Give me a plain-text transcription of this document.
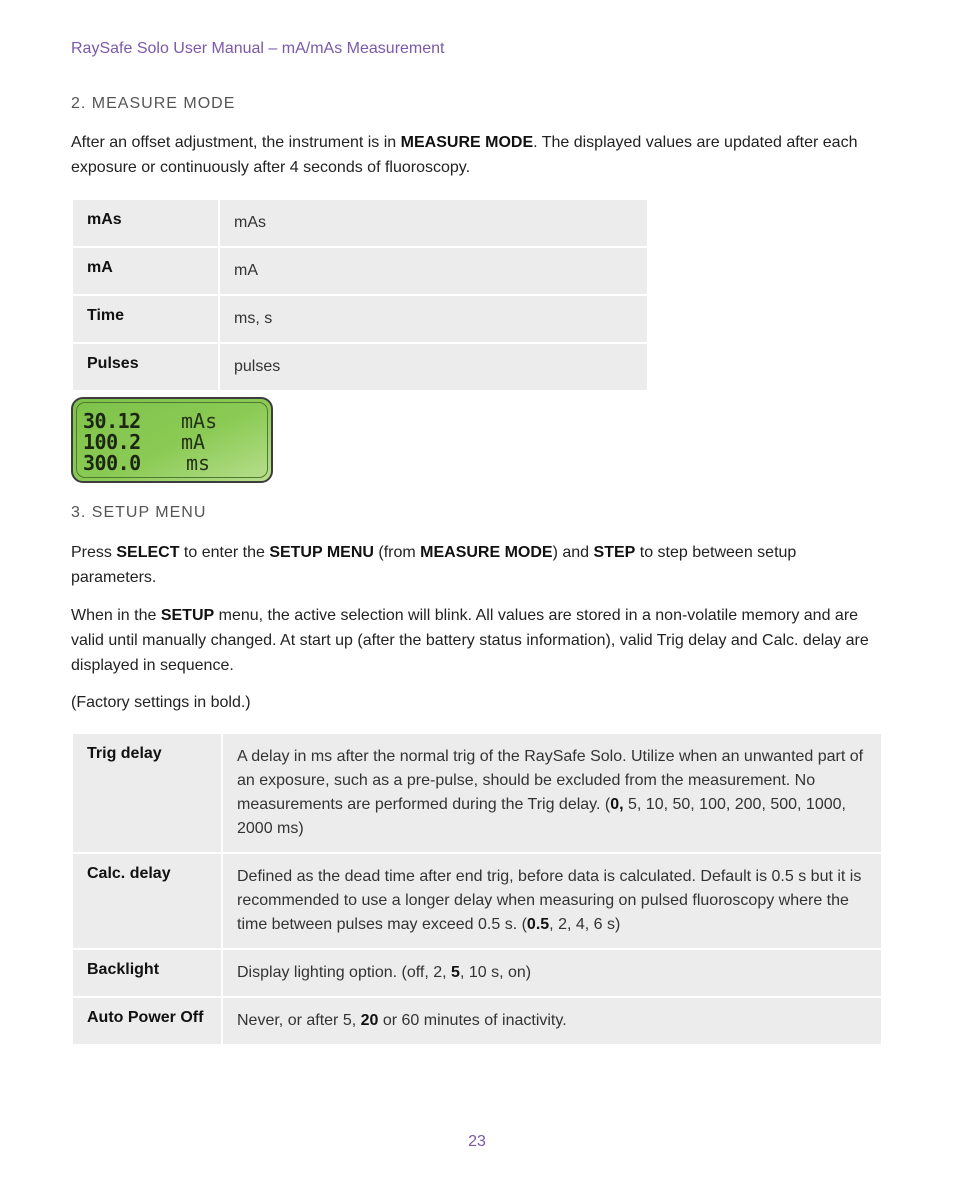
RaySafe Solo User Manual – mA/mAs Measurement
2. MEASURE MODE
After an offset adjustment, the instrument is in MEASURE MODE. The displayed values are updated after each exposure or continuously after 4 seconds of fluoroscopy.
mAs	mAs
mA	mA
Time	ms, s
Pulses	pulses
30.12 mAs
100.2 mA
300.0 ms
3. SETUP MENU
Press SELECT to enter the SETUP MENU (from MEASURE MODE) and STEP to step between setup parameters.
When in the SETUP menu, the active selection will blink. All values are stored in a non-volatile memory and are valid until manually changed. At start up (after the battery status information), valid Trig delay and Calc. delay are displayed in sequence.
(Factory settings in bold.)
Trig delay	A delay in ms after the normal trig of the RaySafe Solo. Utilize when an unwanted part of an exposure, such as a pre-pulse, should be excluded from the measurement. No measurements are performed during the Trig delay. (0, 5, 10, 50, 100, 200, 500, 1000, 2000 ms)
Calc. delay	Defined as the dead time after end trig, before data is calculated. Default is 0.5 s but it is recommended to use a longer delay when measuring on pulsed fluoroscopy where the time between pulses may exceed 0.5 s. (0.5, 2, 4, 6 s)
Backlight	Display lighting option. (off, 2, 5, 10 s, on)
Auto Power Off	Never, or after 5, 20 or 60 minutes of inactivity.
23
